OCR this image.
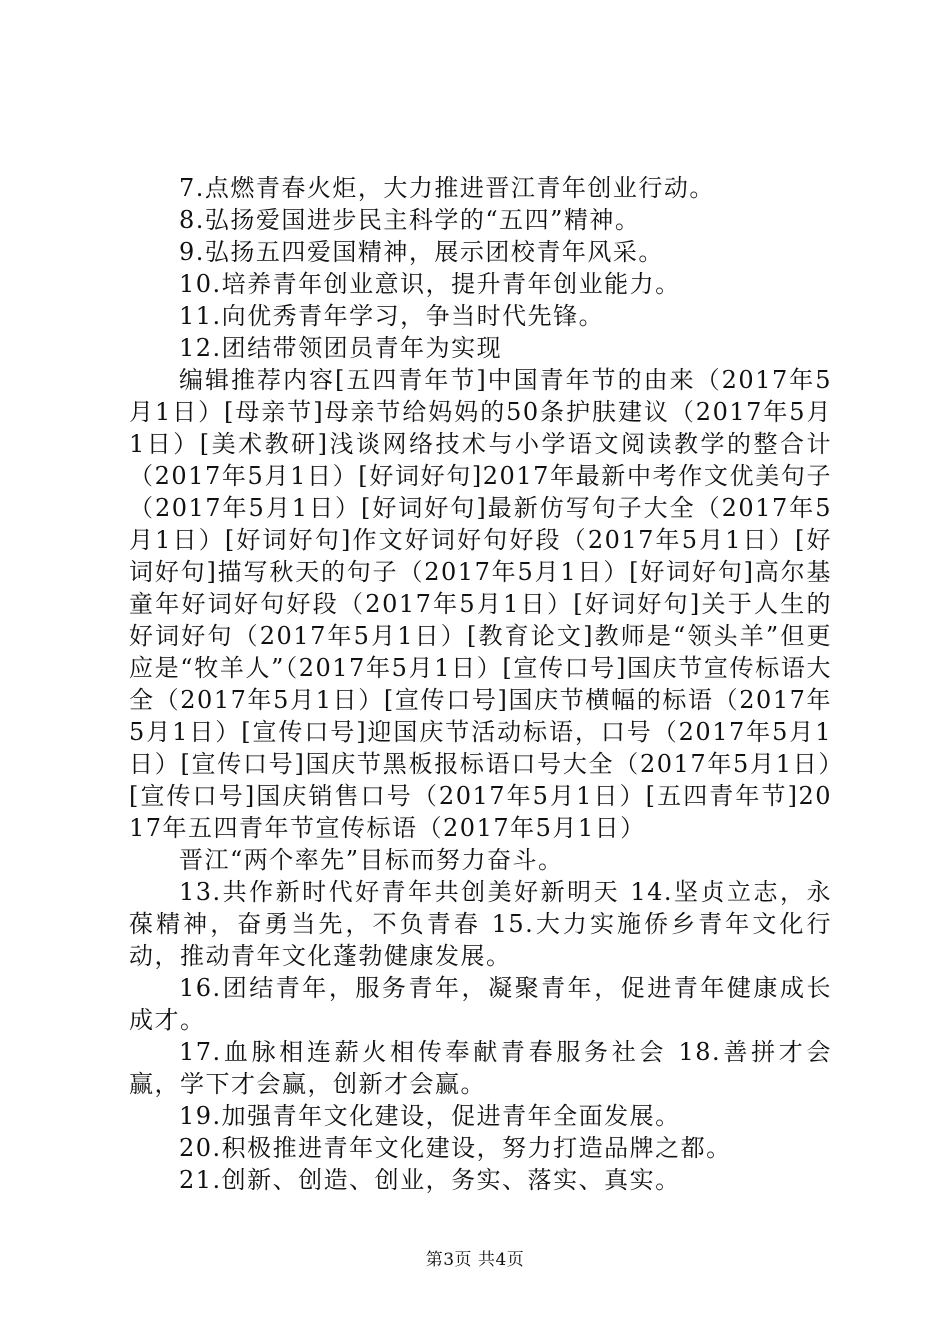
7.点燃青春火炬，大力推进晋江青年创业行动。

8.弘扬爱国进步民主科学的“五四”精神。

9.弘扬五四爱国精神，展示团校青年风采。

10.培养青年创业意识，提升青年创业能力。

11.向优秀青年学习，争当时代先锋。

12.团结带领团员青年为实现

编辑推荐内容[五四青年节]中国青年节的由来（2017年5月1日）[母亲节]母亲节给妈妈的50条护肤建议（2017年5月1日）[美术教研]浅谈网络技术与小学语文阅读教学的整合计（2017年5月1日）[好词好句]2017年最新中考作文优美句子（2017年5月1日）[好词好句]最新仿写句子大全（2017年5月1日）[好词好句]作文好词好句好段（2017年5月1日）[好词好句]描写秋天的句子（2017年5月1日）[好词好句]高尔基童年好词好句好段（2017年5月1日）[好词好句]关于人生的好词好句（2017年5月1日）[教育论文]教师是“领头羊”但更应是“牧羊人”（2017年5月1日）[宣传口号]国庆节宣传标语大全（2017年5月1日）[宣传口号]国庆节横幅的标语（2017年5月1日）[宣传口号]迎国庆节活动标语，口号（2017年5月1日）[宣传口号]国庆节黑板报标语口号大全（2017年5月1日）[宣传口号]国庆销售口号（2017年5月1日）[五四青年节]2017年五四青年节宣传标语（2017年5月1日）

晋江“两个率先”目标而努力奋斗。

13.共作新时代好青年共创美好新明天 14.坚贞立志，永葆精神，奋勇当先，不负青春 15.大力实施侨乡青年文化行动，推动青年文化蓬勃健康发展。

16.团结青年，服务青年，凝聚青年，促进青年健康成长成才。

17.血脉相连薪火相传奉献青春服务社会 18.善拼才会赢，学下才会赢，创新才会赢。

19.加强青年文化建设，促进青年全面发展。

20.积极推进青年文化建设，努力打造品牌之都。

21.创新、创造、创业，务实、落实、真实。

第3页 共4页
